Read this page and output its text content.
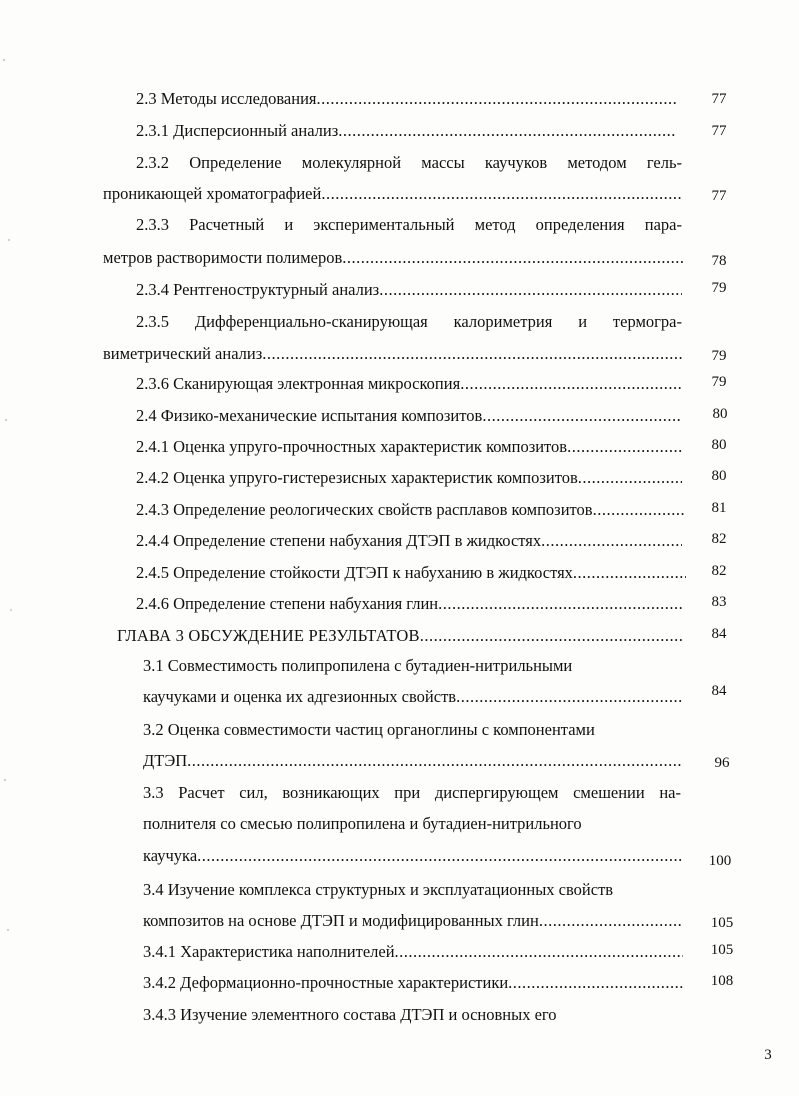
2.3 Методы исследования .....	77
2.3.1 Дисперсионный анализ .....	77
2.3.2 Определение молекулярной массы каучуков методом гель-
проникающей хроматографией .....	77
2.3.3 Расчетный и экспериментальный метод определения пара-
метров растворимости полимеров .....	78
2.3.4 Рентгеноструктурный анализ .....	79
2.3.5 Дифференциально-сканирующая калориметрия и термогра-
виметрический анализ .....	79
2.3.6 Сканирующая электронная микроскопия .....	79
2.4 Физико-механические испытания композитов .....	80
2.4.1 Оценка упруго-прочностных характеристик композитов .....	80
2.4.2 Оценка упруго-гистерезисных характеристик композитов .....	80
2.4.3 Определение реологических свойств расплавов композитов .....	81
2.4.4 Определение степени набухания ДТЭП в жидкостях .....	82
2.4.5 Определение стойкости ДТЭП к набуханию в жидкостях .....	82
2.4.6 Определение степени набухания глин .....	83
ГЛАВА 3 ОБСУЖДЕНИЕ РЕЗУЛЬТАТОВ .....	84
3.1 Совместимость полипропилена с бутадиен-нитрильными
каучуками и оценка их адгезионных свойств .....	84
3.2 Оценка совместимости частиц органоглины с компонентами
ДТЭП .....	96
3.3 Расчет сил, возникающих при диспергирующем смешении на-
полнителя со смесью полипропилена и бутадиен-нитрильного
каучука .....	100
3.4 Изучение комплекса структурных и эксплуатационных свойств
композитов на основе ДТЭП и модифицированных глин .....	105
3.4.1 Характеристика наполнителей .....	105
3.4.2 Деформационно-прочностные характеристики .....	108
3.4.3 Изучение элементного состава ДТЭП и основных его
3
